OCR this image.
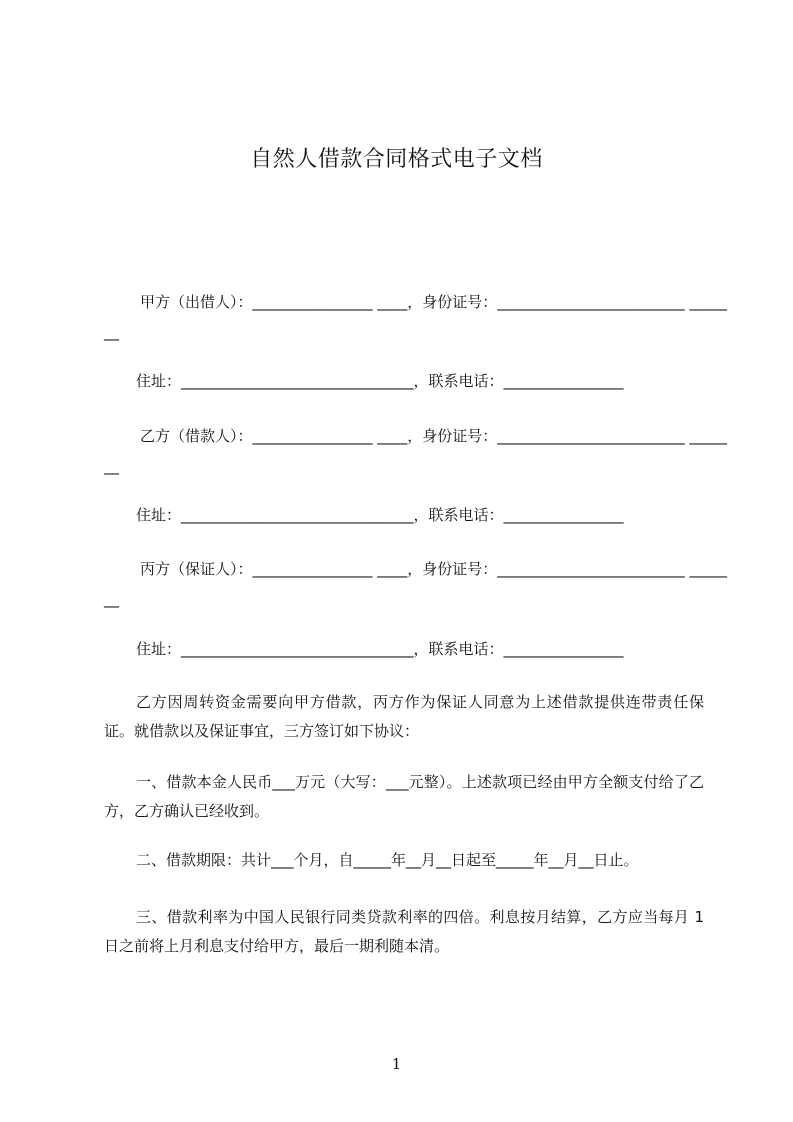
自然人借款合同格式电子文档
甲方（出借人）：________________ ____，身份证号：_________________________ _____
__
住址：_______________________________，联系电话：________________
乙方（借款人）：________________ ____，身份证号：_________________________ _____
__
住址：_______________________________，联系电话：________________
丙方（保证人）：________________ ____，身份证号：_________________________ _____
__
住址：_______________________________，联系电话：________________
乙方因周转资金需要向甲方借款，丙方作为保证人同意为上述借款提供连带责任保证。就借款以及保证事宜，三方签订如下协议：
一、借款本金人民币___万元（大写：___元整）。上述款项已经由甲方全额支付给了乙方，乙方确认已经收到。
二、借款期限：共计___个月，自_____年__月__日起至_____年__月__日止。
三、借款利率为中国人民银行同类贷款利率的四倍。利息按月结算，乙方应当每月 1 日之前将上月利息支付给甲方，最后一期利随本清。
1
